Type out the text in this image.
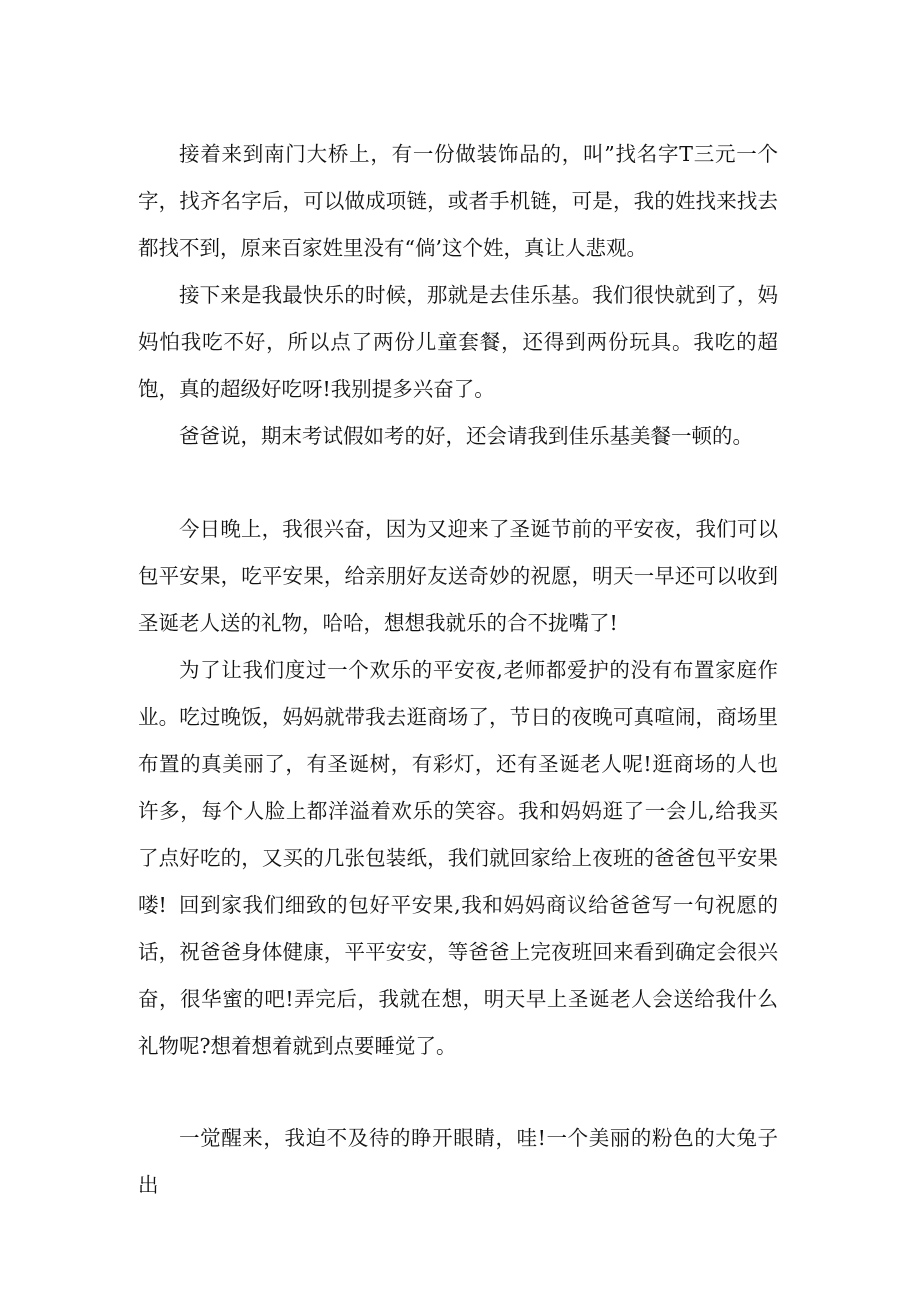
接着来到南门大桥上，有一份做装饰品的，叫”找名字T三元一个字，找齐名字后，可以做成项链，或者手机链，可是，我的姓找来找去都找不到，原来百家姓里没有“倘’这个姓，真让人悲观。

接下来是我最快乐的时候，那就是去佳乐基。我们很快就到了，妈妈怕我吃不好，所以点了两份儿童套餐，还得到两份玩具。我吃的超饱，真的超级好吃呀!我别提多兴奋了。

爸爸说，期末考试假如考的好，还会请我到佳乐基美餐一顿的。

今日晚上，我很兴奋，因为又迎来了圣诞节前的平安夜，我们可以包平安果，吃平安果，给亲朋好友送奇妙的祝愿，明天一早还可以收到圣诞老人送的礼物，哈哈，想想我就乐的合不拢嘴了!

为了让我们度过一个欢乐的平安夜,老师都爱护的没有布置家庭作业。吃过晚饭，妈妈就带我去逛商场了，节日的夜晚可真喧闹，商场里布置的真美丽了，有圣诞树，有彩灯，还有圣诞老人呢!逛商场的人也许多，每个人脸上都洋溢着欢乐的笑容。我和妈妈逛了一会儿,给我买了点好吃的，又买的几张包装纸，我们就回家给上夜班的爸爸包平安果喽! 回到家我们细致的包好平安果,我和妈妈商议给爸爸写一句祝愿的话，祝爸爸身体健康，平平安安，等爸爸上完夜班回来看到确定会很兴奋，很华蜜的吧!弄完后，我就在想，明天早上圣诞老人会送给我什么礼物呢?想着想着就到点要睡觉了。

一觉醒来，我迫不及待的睁开眼睛，哇!一个美丽的粉色的大兔子出
